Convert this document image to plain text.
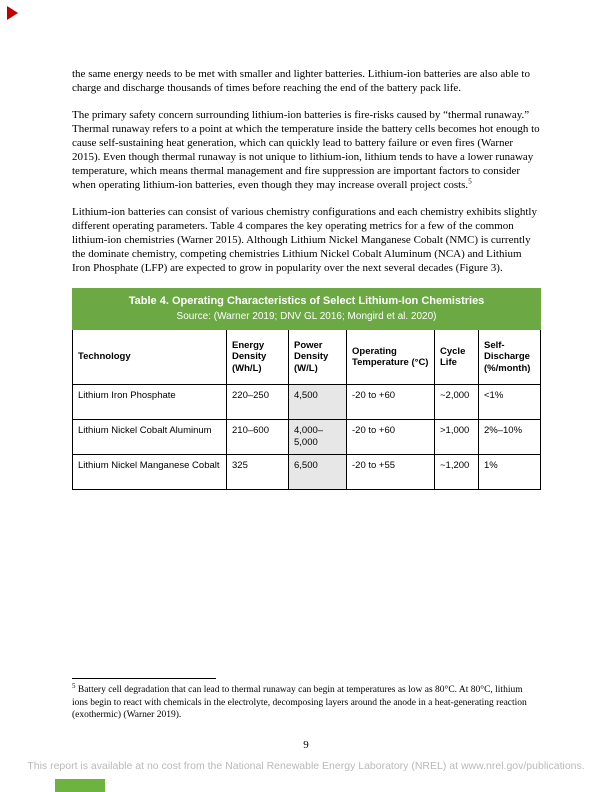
the same energy needs to be met with smaller and lighter batteries. Lithium-ion batteries are also able to charge and discharge thousands of times before reaching the end of the battery pack life.

The primary safety concern surrounding lithium-ion batteries is fire-risks caused by “thermal runaway.” Thermal runaway refers to a point at which the temperature inside the battery cells becomes hot enough to cause self-sustaining heat generation, which can quickly lead to battery failure or even fires (Warner 2015). Even though thermal runaway is not unique to lithium-ion, lithium tends to have a lower runaway temperature, which means thermal management and fire suppression are important factors to consider when operating lithium-ion batteries, even though they may increase overall project costs.$^5$

Lithium-ion batteries can consist of various chemistry configurations and each chemistry exhibits slightly different operating parameters. Table 4 compares the key operating metrics for a few of the common lithium-ion chemistries (Warner 2015). Although Lithium Nickel Manganese Cobalt (NMC) is currently the dominate chemistry, competing chemistries Lithium Nickel Cobalt Aluminum (NCA) and Lithium Iron Phosphate (LFP) are expected to grow in popularity over the next several decades (Figure 3).

Table 4. Operating Characteristics of Select Lithium-Ion Chemistries
Source: (Warner 2019; DNV GL 2016; Mongird et al. 2020)					

Technology	Energy Density (Wh/L)	Power Density (W/L)	Operating Temperature (°C)	Cycle Life	Self-Discharge (%/month)
Lithium Iron Phosphate	220–250	4,500	-20 to +60	~2,000	<1%
Lithium Nickel Cobalt Aluminum	210–600	4,000–5,000	-20 to +60	>1,000	2%–10%
Lithium Nickel Manganese Cobalt	325	6,500	-20 to +55	~1,200	1%

$^5$ Battery cell degradation that can lead to thermal runaway can begin at temperatures as low as 80°C. At 80°C, lithium ions begin to react with chemicals in the electrolyte, decomposing layers around the anode in a heat-generating reaction (exothermic) (Warner 2019).

9
This report is available at no cost from the National Renewable Energy Laboratory (NREL) at www.nrel.gov/publications.
